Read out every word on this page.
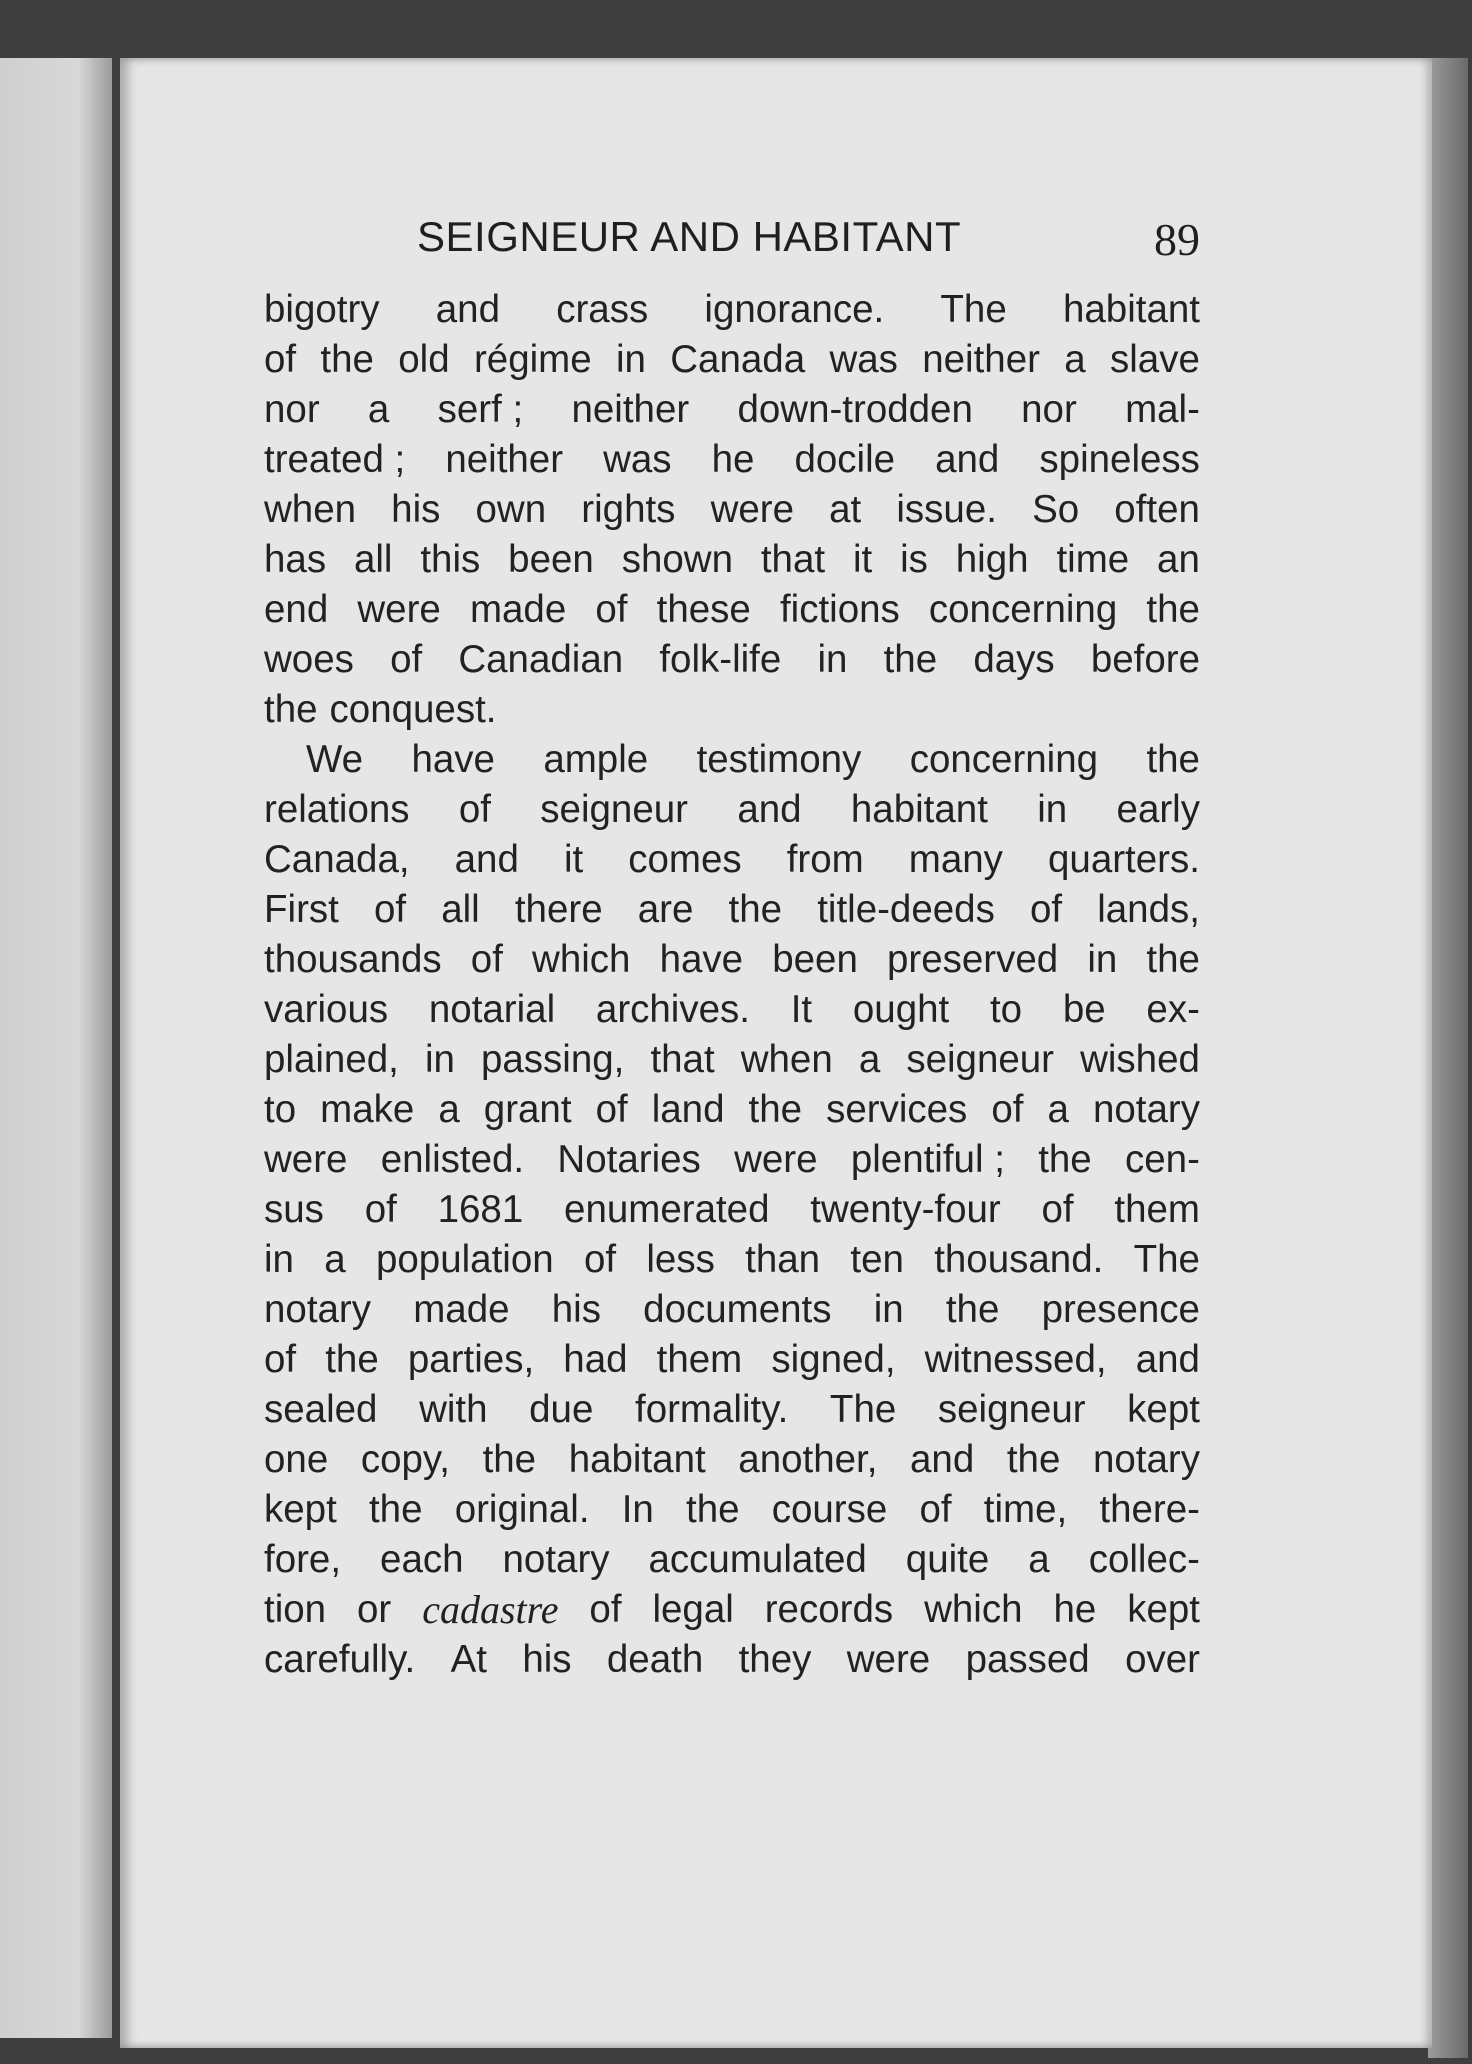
SEIGNEUR AND HABITANT	89
bigotry and crass ignorance. The habitant
of the old régime in Canada was neither a slave
nor a serf ; neither down-trodden nor mal-
treated ; neither was he docile and spineless
when his own rights were at issue. So often
has all this been shown that it is high time an
end were made of these fictions concerning the
woes of Canadian folk-life in the days before
the conquest.
We have ample testimony concerning the
relations of seigneur and habitant in early
Canada, and it comes from many quarters.
First of all there are the title-deeds of lands,
thousands of which have been preserved in the
various notarial archives. It ought to be ex-
plained, in passing, that when a seigneur wished
to make a grant of land the services of a notary
were enlisted. Notaries were plentiful ; the cen-
sus of 1681 enumerated twenty-four of them
in a population of less than ten thousand. The
notary made his documents in the presence
of the parties, had them signed, witnessed, and
sealed with due formality. The seigneur kept
one copy, the habitant another, and the notary
kept the original. In the course of time, there-
fore, each notary accumulated quite a collec-
tion or cadastre of legal records which he kept
carefully. At his death they were passed over
